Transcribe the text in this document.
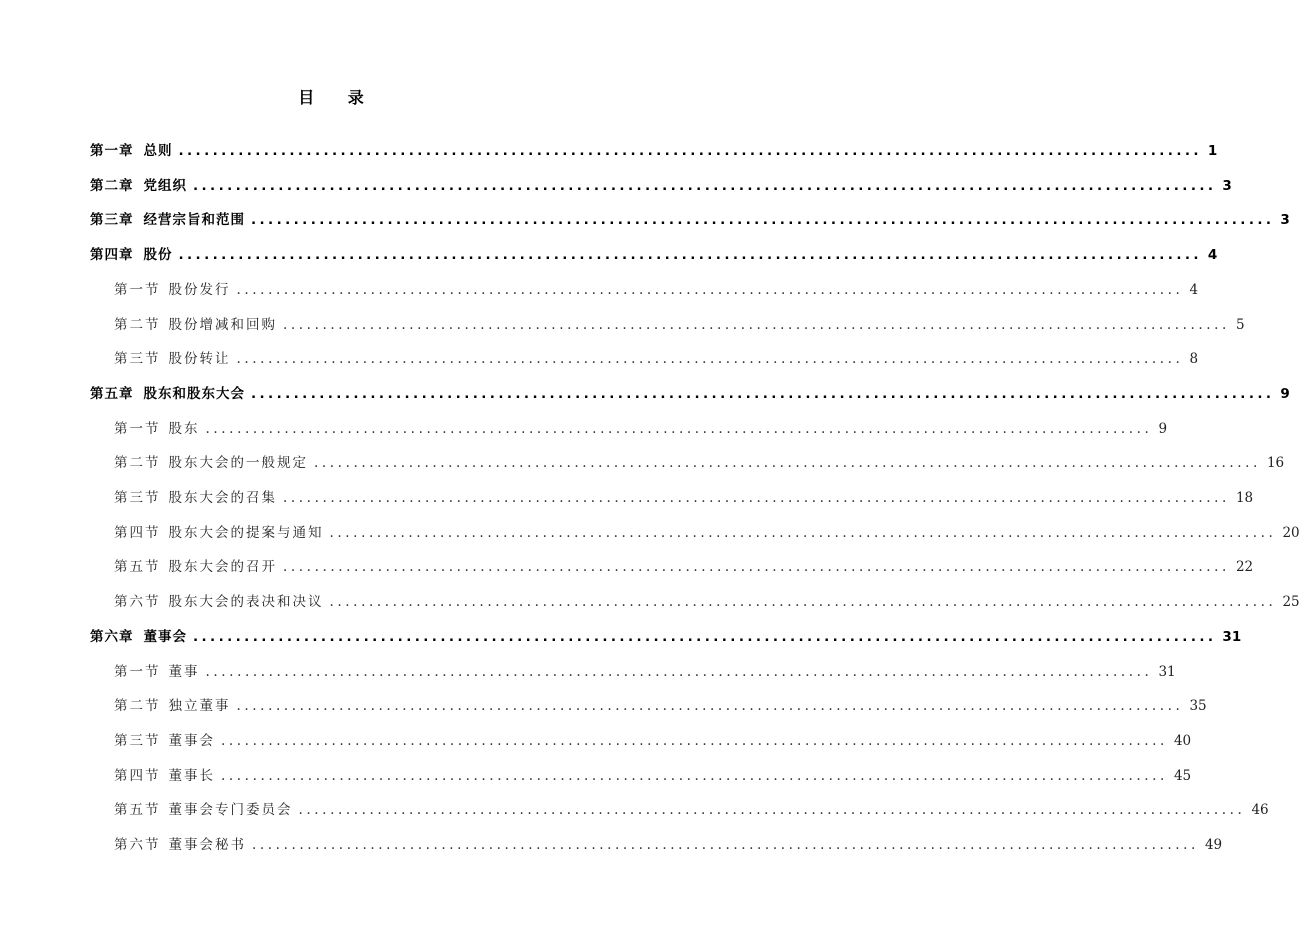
目 录
第一章 总则 ........................................................................................................................ 1
第二章 党组织 ........................................................................................................................ 3
第三章 经营宗旨和范围 ........................................................................................................................ 3
第四章 股份 ........................................................................................................................ 4
第一节 股份发行 ........................................................................................................................ 4
第二节 股份增减和回购 ........................................................................................................................ 5
第三节 股份转让 ........................................................................................................................ 8
第五章 股东和股东大会 ........................................................................................................................ 9
第一节 股东 ........................................................................................................................ 9
第二节 股东大会的一般规定 ........................................................................................................................ 16
第三节 股东大会的召集 ........................................................................................................................ 18
第四节 股东大会的提案与通知 ........................................................................................................................ 20
第五节 股东大会的召开 ........................................................................................................................ 22
第六节 股东大会的表决和决议 ........................................................................................................................ 25
第六章 董事会 ........................................................................................................................ 31
第一节 董事 ........................................................................................................................ 31
第二节 独立董事 ........................................................................................................................ 35
第三节 董事会 ........................................................................................................................ 40
第四节 董事长 ........................................................................................................................ 45
第五节 董事会专门委员会 ........................................................................................................................ 46
第六节 董事会秘书 ........................................................................................................................ 49
